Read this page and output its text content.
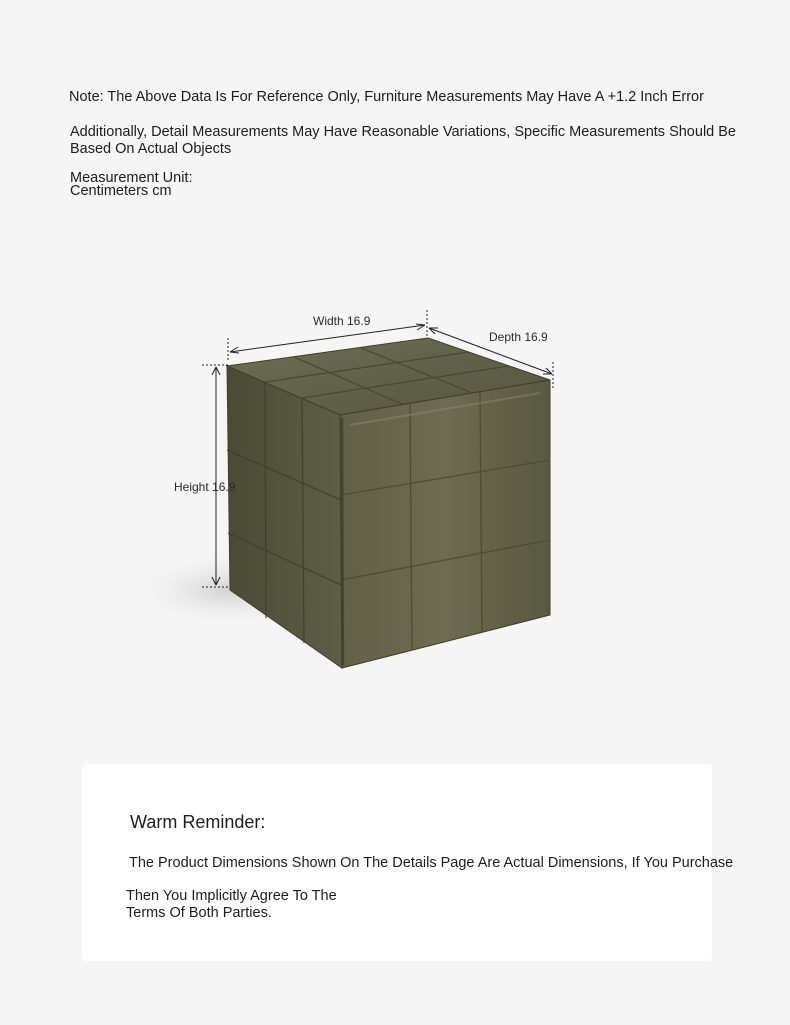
Note: The Above Data Is For Reference Only, Furniture Measurements May Have A +1.2 Inch Error

Additionally, Detail Measurements May Have Reasonable Variations, Specific Measurements Should Be Based On Actual Objects

Measurement Unit:

Centimeters cm

Width 16.9
Depth 16.9
Height 16.9
Warm Reminder:

The Product Dimensions Shown On The Details Page Are Actual Dimensions, If You Purchase

Then You Implicitly Agree To The
Terms Of Both Parties.
